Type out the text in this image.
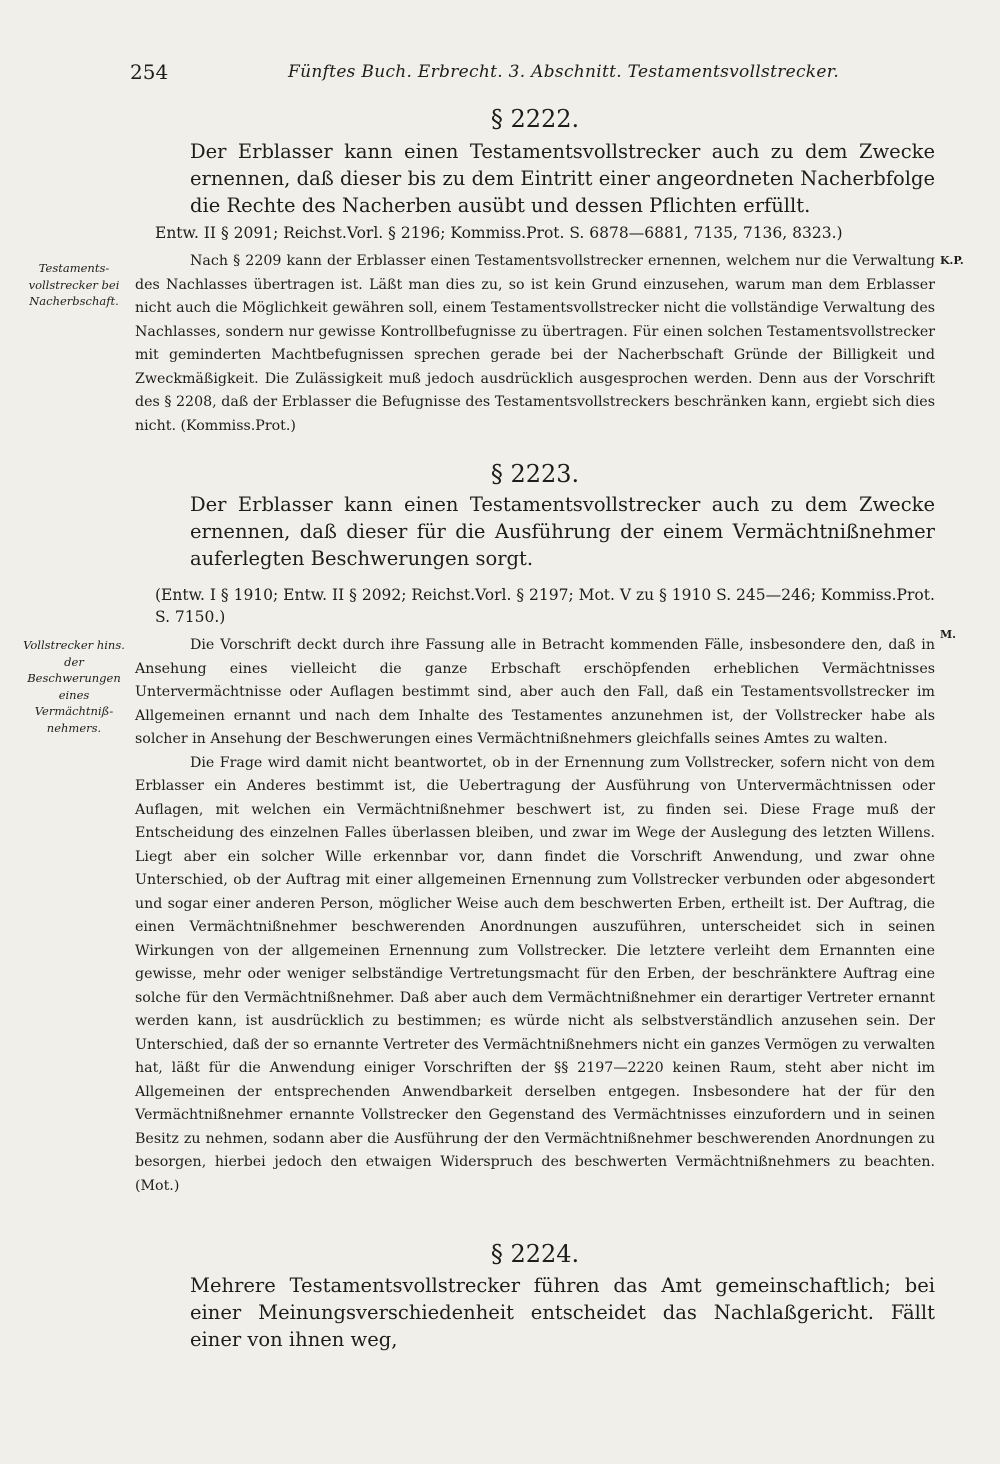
254	Fünftes Buch. Erbrecht. 3. Abschnitt. Testamentsvollstrecker.
§ 2222.
Der Erblasser kann einen Testamentsvollstrecker auch zu dem Zwecke ernennen, daß dieser bis zu dem Eintritt einer angeordneten Nacherbfolge die Rechte des Nacherben ausübt und dessen Pflichten erfüllt.
Entw. II § 2091; Reichst.Vorl. § 2196; Kommiss.Prot. S. 6878—6881, 7135, 7136, 8323.)
Testamentsvollstrecker bei Nacherbschaft.
K.P.

Nach § 2209 kann der Erblasser einen Testamentsvollstrecker ernennen, welchem nur die Verwaltung des Nachlasses übertragen ist. Läßt man dies zu, so ist kein Grund einzusehen, warum man dem Erblasser nicht auch die Möglichkeit gewähren soll, einem Testamentsvollstrecker nicht die vollständige Verwaltung des Nachlasses, sondern nur gewisse Kontrollbefugnisse zu übertragen. Für einen solchen Testamentsvollstrecker mit geminderten Machtbefugnissen sprechen gerade bei der Nacherbschaft Gründe der Billigkeit und Zweckmäßigkeit. Die Zulässigkeit muß jedoch ausdrücklich ausgesprochen werden. Denn aus der Vorschrift des § 2208, daß der Erblasser die Befugnisse des Testamentsvollstreckers beschränken kann, ergiebt sich dies nicht. (Kommiss.Prot.)

§ 2223.
Der Erblasser kann einen Testamentsvollstrecker auch zu dem Zwecke ernennen, daß dieser für die Ausführung der einem Vermächtnißnehmer auferlegten Beschwerungen sorgt.
(Entw. I § 1910; Entw. II § 2092; Reichst.Vorl. § 2197; Mot. V zu § 1910 S. 245—246; Kommiss.Prot. S. 7150.)
Vollstrecker hins. der Beschwerungen eines Vermächtnißnehmers.
M.

Die Vorschrift deckt durch ihre Fassung alle in Betracht kommenden Fälle, insbesondere den, daß in Ansehung eines vielleicht die ganze Erbschaft erschöpfenden erheblichen Vermächtnisses Untervermächtnisse oder Auflagen bestimmt sind, aber auch den Fall, daß ein Testamentsvollstrecker im Allgemeinen ernannt und nach dem Inhalte des Testamentes anzunehmen ist, der Vollstrecker habe als solcher in Ansehung der Beschwerungen eines Vermächtnißnehmers gleichfalls seines Amtes zu walten.

Die Frage wird damit nicht beantwortet, ob in der Ernennung zum Vollstrecker, sofern nicht von dem Erblasser ein Anderes bestimmt ist, die Uebertragung der Ausführung von Untervermächtnissen oder Auflagen, mit welchen ein Vermächtnißnehmer beschwert ist, zu finden sei. Diese Frage muß der Entscheidung des einzelnen Falles überlassen bleiben, und zwar im Wege der Auslegung des letzten Willens. Liegt aber ein solcher Wille erkennbar vor, dann findet die Vorschrift Anwendung, und zwar ohne Unterschied, ob der Auftrag mit einer allgemeinen Ernennung zum Vollstrecker verbunden oder abgesondert und sogar einer anderen Person, möglicher Weise auch dem beschwerten Erben, ertheilt ist. Der Auftrag, die einen Vermächtnißnehmer beschwerenden Anordnungen auszuführen, unterscheidet sich in seinen Wirkungen von der allgemeinen Ernennung zum Vollstrecker. Die letztere verleiht dem Ernannten eine gewisse, mehr oder weniger selbständige Vertretungsmacht für den Erben, der beschränktere Auftrag eine solche für den Vermächtnißnehmer. Daß aber auch dem Vermächtnißnehmer ein derartiger Vertreter ernannt werden kann, ist ausdrücklich zu bestimmen; es würde nicht als selbstverständlich anzusehen sein. Der Unterschied, daß der so ernannte Vertreter des Vermächtnißnehmers nicht ein ganzes Vermögen zu verwalten hat, läßt für die Anwendung einiger Vorschriften der §§ 2197—2220 keinen Raum, steht aber nicht im Allgemeinen der entsprechenden Anwendbarkeit derselben entgegen. Insbesondere hat der für den Vermächtnißnehmer ernannte Vollstrecker den Gegenstand des Vermächtnisses einzufordern und in seinen Besitz zu nehmen, sodann aber die Ausführung der den Vermächtnißnehmer beschwerenden Anordnungen zu besorgen, hierbei jedoch den etwaigen Widerspruch des beschwerten Vermächtnißnehmers zu beachten. (Mot.)

§ 2224.
Mehrere Testamentsvollstrecker führen das Amt gemeinschaftlich; bei einer Meinungsverschiedenheit entscheidet das Nachlaßgericht. Fällt einer von ihnen weg,
